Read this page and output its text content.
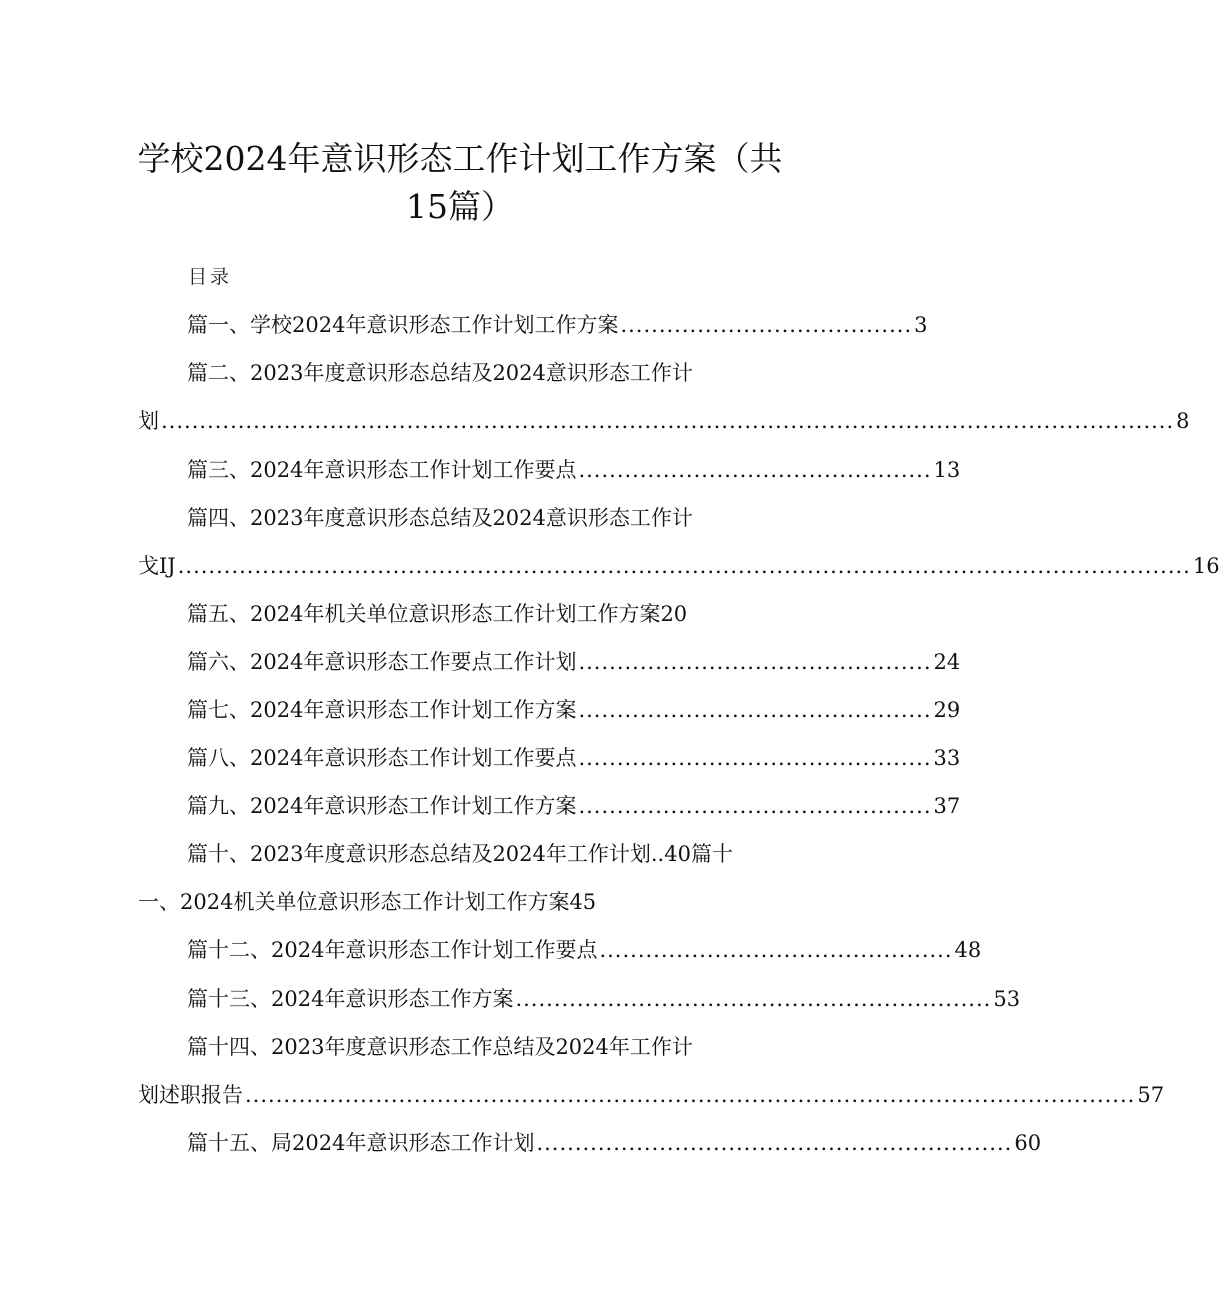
学校2024年意识形态工作计划工作方案（共
15篇）
目录
篇一、学校2024年意识形态工作计划工作方案 ...................................... 3
篇二、2023年度意识形态总结及2024意识形态工作计
划 .................................................................................................................................... 8
篇三、2024年意识形态工作计划工作要点 .............................................. 13
篇四、2023年度意识形态总结及2024意识形态工作计
戈IJ .................................................................................................................................... 16
篇五、2024年机关单位意识形态工作计划工作方案20
篇六、2024年意识形态工作要点工作计划 .............................................. 24
篇七、2024年意识形态工作计划工作方案 .............................................. 29
篇八、2024年意识形态工作计划工作要点 .............................................. 33
篇九、2024年意识形态工作计划工作方案 .............................................. 37
篇十、2023年度意识形态总结及2024年工作计划..40篇十
一、2024机关单位意识形态工作计划工作方案45
篇十二、2024年意识形态工作计划工作要点 .............................................. 48
篇十三、2024年意识形态工作方案 .............................................................. 53
篇十四、2023年度意识形态工作总结及2024年工作计
划述职报告 .................................................................................................................... 57
篇十五、局2024年意识形态工作计划 .............................................................. 60
